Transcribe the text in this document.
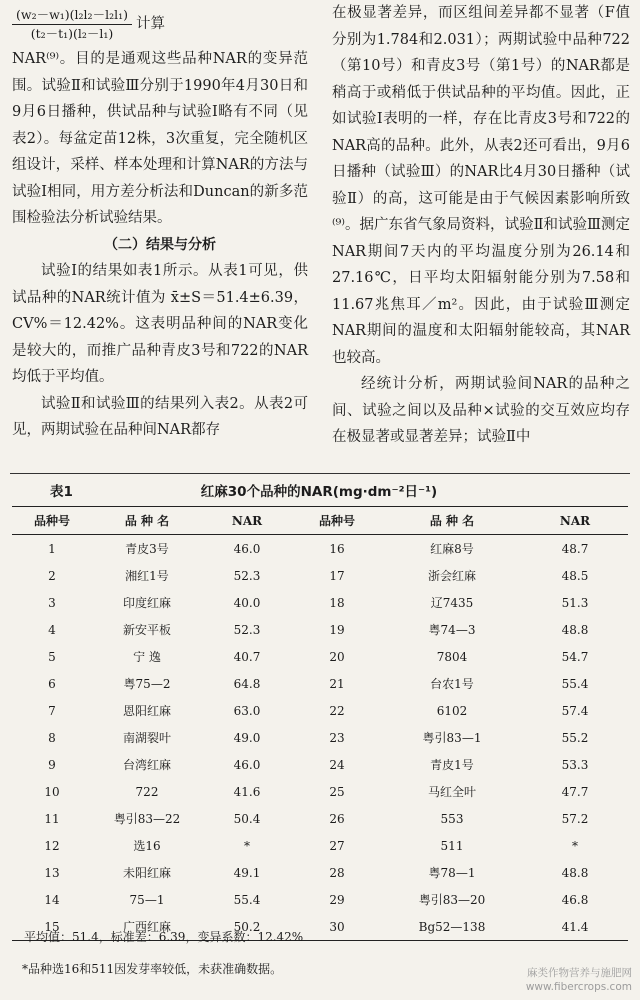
$\frac{\text{(w₂－w₁)(l₂l₂－l₂l₁)}}{\text{(t₂－t₁)(l₂－l₁)}}$ 计算

NAR⁽⁹⁾。目的是通观这些品种NAR的变异范围。试验Ⅱ和试验Ⅲ分别于1990年4月30日和9月6日播种，供试品种与试验Ⅰ略有不同（见表2）。每盆定苗12株，3次重复，完全随机区组设计，采样、样本处理和计算NAR的方法与试验Ⅰ相同，用方差分析法和Duncan的新多范围检验法分析试验结果。

（二）结果与分析

试验Ⅰ的结果如表1所示。从表1可见，供试品种的NAR统计值为 x̄±S＝51.4±6.39，CV%＝12.42%。这表明品种间的NAR变化是较大的，而推广品种青皮3号和722的NAR均低于平均值。

试验Ⅱ和试验Ⅲ的结果列入表2。从表2可见，两期试验在品种间NAR都存

在极显著差异，而区组间差异都不显著（F值分别为1.784和2.031）；两期试验中品种722（第10号）和青皮3号（第1号）的NAR都是稍高于或稍低于供试品种的平均值。因此，正如试验Ⅰ表明的一样，存在比青皮3号和722的NAR高的品种。此外，从表2还可看出，9月6日播种（试验Ⅲ）的NAR比4月30日播种（试验Ⅱ）的高，这可能是由于气候因素影响所致⁽⁹⁾。据广东省气象局资料，试验Ⅱ和试验Ⅲ测定NAR期间7天内的平均温度分别为26.14和27.16℃，日平均太阳辐射能分别为7.58和11.67兆焦耳／m²。因此，由于试验Ⅲ测定NAR期间的温度和太阳辐射能较高，其NAR也较高。

经统计分析，两期试验间NAR的品种之间、试验之间以及品种×试验的交互效应均存在极显著或显著差异；试验Ⅱ中

红麻30个品种的NAR(mg·dm⁻²日⁻¹)
表1
品种号	品 种 名	NAR	品种号	品 种 名	NAR
1	青皮3号	46.0	16	红麻8号	48.7
2	湘红1号	52.3	17	浙会红麻	48.5
3	印度红麻	40.0	18	辽7435	51.3
4	新安平板	52.3	19	粤74—3	48.8
5	宁 逸	40.7	20	7804	54.7
6	粤75—2	64.8	21	台农1号	55.4
7	恩阳红麻	63.0	22	6102	57.4
8	南湖裂叶	49.0	23	粤引83—1	55.2
9	台湾红麻	46.0	24	青皮1号	53.3
10	722	41.6	25	马红全叶	47.7
11	粤引83—22	50.4	26	553	57.2
12	选16	*	27	511	*
13	未阳红麻	49.1	28	粤78—1	48.8
14	75—1	55.4	29	粤引83—20	46.8
15	广西红麻	50.2	30	Bg52—138	41.4
平均值：51.4，标准差：6.39，变异系数：12.42%
*品种选16和511因发芽率较低，未获准确数据。	麻类作物营养与施肥网
www.fibercrops.com
